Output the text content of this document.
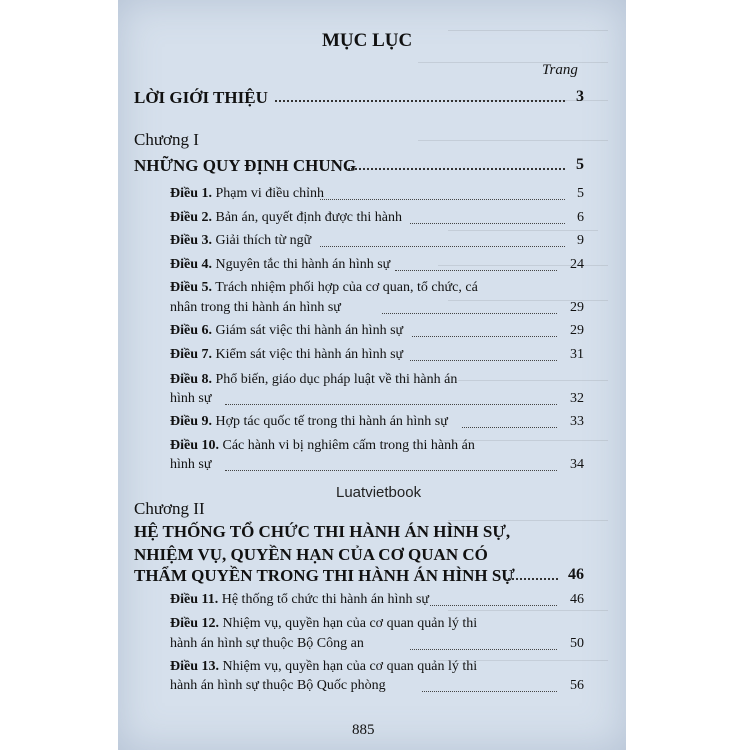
MỤC LỤC
Trang
LỜI GIỚI THIỆU	3
Chương I
NHỮNG QUY ĐỊNH CHUNG	5
Điều 1. Phạm vi điều chỉnh	5
Điều 2. Bản án, quyết định được thi hành	6
Điều 3. Giải thích từ ngữ	9
Điều 4. Nguyên tắc thi hành án hình sự	24
Điều 5. Trách nhiệm phối hợp của cơ quan, tổ chức, cá
nhân trong thi hành án hình sự	29
Điều 6. Giám sát việc thi hành án hình sự	29
Điều 7. Kiểm sát việc thi hành án hình sự	31
Điều 8. Phổ biến, giáo dục pháp luật về thi hành án
hình sự	32
Điều 9. Hợp tác quốc tế trong thi hành án hình sự	33
Điều 10. Các hành vi bị nghiêm cấm trong thi hành án
hình sự	34
Luatvietbook
Chương II
HỆ THỐNG TỔ CHỨC THI HÀNH ÁN HÌNH SỰ,
NHIỆM VỤ, QUYỀN HẠN CỦA CƠ QUAN CÓ
THẨM QUYỀN TRONG THI HÀNH ÁN HÌNH SỰ	46
Điều 11. Hệ thống tổ chức thi hành án hình sự	46
Điều 12. Nhiệm vụ, quyền hạn của cơ quan quản lý thi
hành án hình sự thuộc Bộ Công an	50
Điều 13. Nhiệm vụ, quyền hạn của cơ quan quản lý thi
hành án hình sự thuộc Bộ Quốc phòng	56
885
